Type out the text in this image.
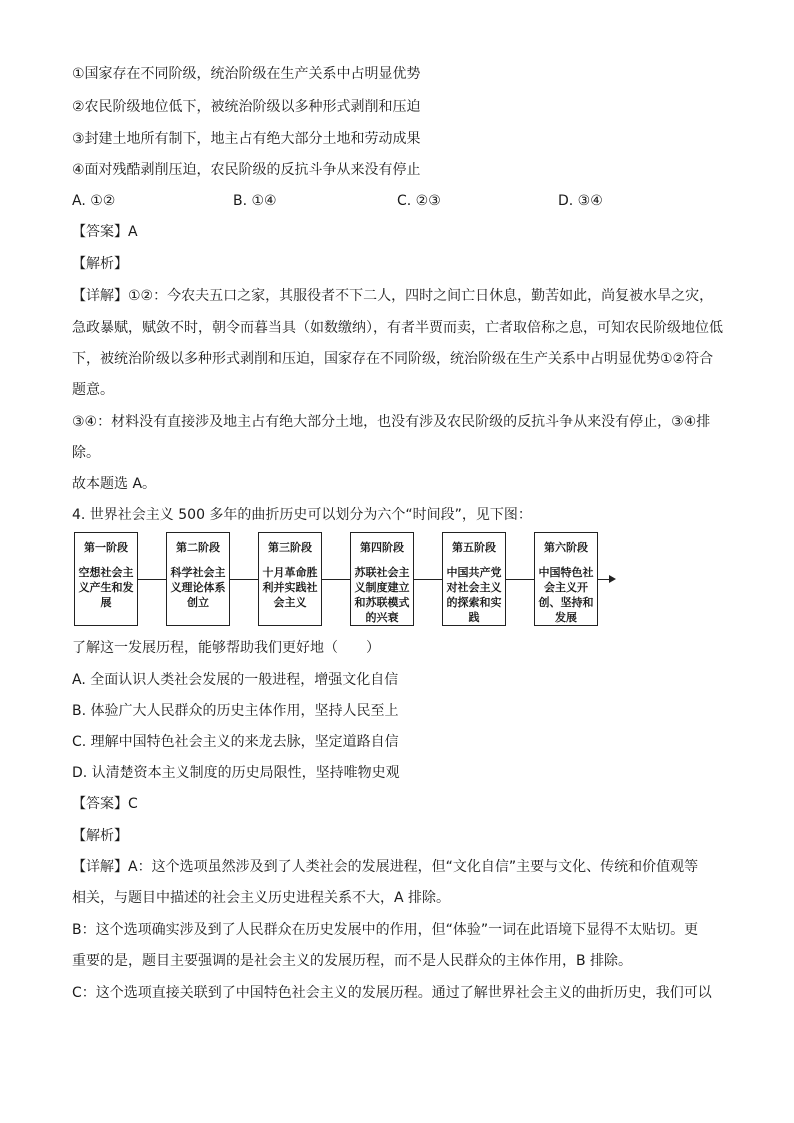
①国家存在不同阶级，统治阶级在生产关系中占明显优势
②农民阶级地位低下，被统治阶级以多种形式剥削和压迫
③封建土地所有制下，地主占有绝大部分土地和劳动成果
④面对残酷剥削压迫，农民阶级的反抗斗争从来没有停止
A. ①②	B. ①④	C. ②③	D. ③④
【答案】A
【解析】
【详解】①②：今农夫五口之家，其服役者不下二人，四时之间亡日休息，勤苦如此，尚复被水旱之灾，
急政暴赋，赋敛不时，朝令而暮当具（如数缴纳），有者半贾而卖，亡者取倍称之息，可知农民阶级地位低
下，被统治阶级以多种形式剥削和压迫，国家存在不同阶级，统治阶级在生产关系中占明显优势①②符合
题意。
③④：材料没有直接涉及地主占有绝大部分土地，也没有涉及农民阶级的反抗斗争从来没有停止，③④排
除。
故本题选 A。
4. 世界社会主义 500 多年的曲折历史可以划分为六个“时间段”，见下图：
第一阶段
空想社会主义产生和发展
第二阶段
科学社会主义理论体系创立
第三阶段
十月革命胜利并实践社会主义
第四阶段
苏联社会主义制度建立和苏联模式的兴衰
第五阶段
中国共产党对社会主义的探索和实践
第六阶段
中国特色社会主义开创、坚持和发展
了解这一发展历程，能够帮助我们更好地（　　）
A. 全面认识人类社会发展的一般进程，增强文化自信
B. 体验广大人民群众的历史主体作用，坚持人民至上
C. 理解中国特色社会主义的来龙去脉，坚定道路自信
D. 认清楚资本主义制度的历史局限性，坚持唯物史观
【答案】C
【解析】
【详解】A：这个选项虽然涉及到了人类社会的发展进程，但“文化自信”主要与文化、传统和价值观等
相关，与题目中描述的社会主义历史进程关系不大，A 排除。
B：这个选项确实涉及到了人民群众在历史发展中的作用，但“体验”一词在此语境下显得不太贴切。更
重要的是，题目主要强调的是社会主义的发展历程，而不是人民群众的主体作用，B 排除。
C：这个选项直接关联到了中国特色社会主义的发展历程。通过了解世界社会主义的曲折历史，我们可以
